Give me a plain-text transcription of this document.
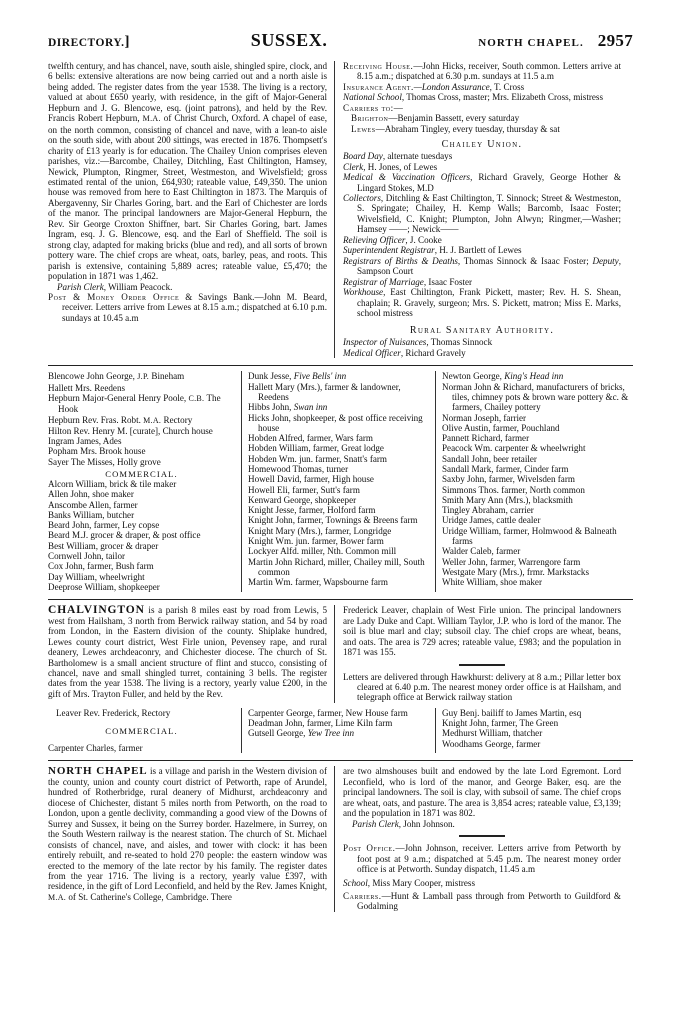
DIRECTORY.]	SUSSEX.	NORTH CHAPEL. 2957

twelfth century, and has chancel, nave, south aisle, shingled spire, clock, and 6 bells: extensive alterations are now being carried out and a north aisle is being added. The register dates from the year 1538. The living is a rectory, valued at about £650 yearly, with residence, in the gift of Major-General Hepburn and J. G. Blencowe, esq. (joint patrons), and held by the Rev. Francis Robert Hepburn, M.A. of Christ Church, Oxford. A chapel of ease, on the north common, consisting of chancel and nave, with a lean-to aisle on the south side, with about 200 sittings, was erected in 1876. Thompsett's charity of £13 yearly is for education. The Chailey Union comprises eleven parishes, viz.:—Barcombe, Chailey, Ditchling, East Chiltington, Hamsey, Newick, Plumpton, Ringmer, Street, Westmeston, and Wivelsfield; gross estimated rental of the union, £64,930; rateable value, £49,350. The union house was removed from here to East Chiltington in 1873. The Marquis of Abergavenny, Sir Charles Goring, bart. and the Earl of Chichester are lords of the manor. The principal landowners are Major-General Hepburn, the Rev. Sir George Croxton Shiffner, bart. Sir Charles Goring, bart. James Ingram, esq. J. G. Blencowe, esq. and the Earl of Sheffield. The soil is strong clay, adapted for making bricks (blue and red), and all sorts of brown pottery ware. The chief crops are wheat, oats, barley, peas, and roots. This parish is extensive, containing 5,889 acres; rateable value, £5,470; the population in 1871 was 1,462.

Parish Clerk, William Peacock.

Post & Money Order Office & Savings Bank.—John M. Beard, receiver. Letters arrive from Lewes at 8.15 a.m.; dispatched at 6.10 p.m. sundays at 10.45 a.m

Receiving House.—John Hicks, receiver, South common. Letters arrive at 8.15 a.m.; dispatched at 6.30 p.m. sundays at 11.5 a.m

Insurance Agent.—London Assurance, T. Cross

National School, Thomas Cross, master; Mrs. Elizabeth Cross, mistress

Carriers to:—

Brighton—Benjamin Bassett, every saturday

Lewes—Abraham Tingley, every tuesday, thursday & sat

Chailey Union.

Board Day, alternate tuesdays

Clerk, H. Jones, of Lewes

Medical & Vaccination Officers, Richard Gravely, George Hother & Lingard Stokes, M.D

Collectors, Ditchling & East Chiltington, T. Sinnock; Street & Westmeston, S. Springate; Chailey, H. Kemp Walls; Barcomb, Isaac Foster; Wivelsfield, C. Knight; Plumpton, John Alwyn; Ringmer,—Washer; Hamsey ——; Newick——

Relieving Officer, J. Cooke

Superintendent Registrar, H. J. Bartlett of Lewes

Registrars of Births & Deaths, Thomas Sinnock & Isaac Foster; Deputy, Sampson Court

Registrar of Marriage, Isaac Foster

Workhouse, East Chiltington, Frank Pickett, master; Rev. H. S. Shean, chaplain; R. Gravely, surgeon; Mrs. S. Pickett, matron; Miss E. Marks, school mistress

Rural Sanitary Authority.

Inspector of Nuisances, Thomas Sinnock

Medical Officer, Richard Gravely

Blencowe John George, J.P. Bineham

Hallett Mrs. Reedens

Hepburn Major-General Henry Poole, C.B. The Hook

Hepburn Rev. Fras. Robt. M.A. Rectory

Hilton Rev. Henry M. [curate], Church house

Ingram James, Ades

Popham Mrs. Brook house

Sayer The Misses, Holly grove

COMMERCIAL.

Alcorn William, brick & tile maker

Allen John, shoe maker

Anscombe Allen, farmer

Banks William, butcher

Beard John, farmer, Ley copse

Beard M.J. grocer & draper, & post office

Best William, grocer & draper

Cornwell John, tailor

Cox John, farmer, Bush farm

Day William, wheelwright

Deeprose William, shopkeeper

Dunk Jesse, Five Bells' inn

Hallett Mary (Mrs.), farmer & landowner, Reedens

Hibbs John, Swan inn

Hicks John, shopkeeper, & post office receiving house

Hobden Alfred, farmer, Wars farm

Hobden William, farmer, Great lodge

Hobden Wm. jun. farmer, Snatt's farm

Homewood Thomas, turner

Howell David, farmer, High house

Howell Eli, farmer, Sutt's farm

Kenward George, shopkeeper

Knight Jesse, farmer, Holford farm

Knight John, farmer, Townings & Breens farm

Knight Mary (Mrs.), farmer, Longridge

Knight Wm. jun. farmer, Bower farm

Lockyer Alfd. miller, Nth. Common mill

Martin John Richard, miller, Chailey mill, South common

Martin Wm. farmer, Wapsbourne farm

Newton George, King's Head inn

Norman John & Richard, manufacturers of bricks, tiles, chimney pots & brown ware pottery &c. & farmers, Chailey pottery

Norman Joseph, farrier

Olive Austin, farmer, Pouchland

Pannett Richard, farmer

Peacock Wm. carpenter & wheelwright

Sandall John, beer retailer

Sandall Mark, farmer, Cinder farm

Saxby John, farmer, Wivelsden farm

Simmons Thos. farmer, North common

Smith Mary Ann (Mrs.), blacksmith

Tingley Abraham, carrier

Uridge James, cattle dealer

Uridge William, farmer, Holmwood & Balneath farms

Walder Caleb, farmer

Weller John, farmer, Warrengore farm

Westgate Mary (Mrs.), frmr. Markstacks

White William, shoe maker

CHALVINGTON is a parish 8 miles east by road from Lewis, 5 west from Hailsham, 3 north from Berwick railway station, and 54 by road from London, in the Eastern division of the county. Shiplake hundred, Lewes county court district, West Firle union, Pevensey rape, and rural deanery, Lewes archdeaconry, and Chichester diocese. The church of St. Bartholomew is a small ancient structure of flint and stucco, consisting of chancel, nave and small shingled turret, containing 3 bells. The register dates from the year 1538. The living is a rectory, yearly value £200, in the gift of Mrs. Trayton Fuller, and held by the Rev.

Frederick Leaver, chaplain of West Firle union. The principal landowners are Lady Duke and Capt. William Taylor, J.P. who is lord of the manor. The soil is blue marl and clay; subsoil clay. The chief crops are wheat, beans, and oats. The area is 729 acres; rateable value, £983; and the population in 1871 was 155.

Letters are delivered through Hawkhurst: delivery at 8 a.m.; Pillar letter box cleared at 6.40 p.m. The nearest money order office is at Hailsham, and telegraph office at Berwick railway station

Leaver Rev. Frederick, Rectory

COMMERCIAL.

Carpenter Charles, farmer

Carpenter George, farmer, New House farm

Deadman John, farmer, Lime Kiln farm

Gutsell George, Yew Tree inn

Guy Benj. bailiff to James Martin, esq

Knight John, farmer, The Green

Medhurst William, thatcher

Woodhams George, farmer

NORTH CHAPEL is a village and parish in the Western division of the county, union and county court district of Petworth, rape of Arundel, hundred of Rotherbridge, rural deanery of Midhurst, archdeaconry and diocese of Chichester, distant 5 miles north from Petworth, on the road to London, upon a gentle declivity, commanding a good view of the Downs of Surrey and Sussex, it being on the Surrey border. Hazelmere, in Surrey, on the South Western railway is the nearest station. The church of St. Michael consists of chancel, nave, and aisles, and tower with clock: it has been entirely rebuilt, and re-seated to hold 270 people: the eastern window was erected to the memory of the late rector by his family. The register dates from the year 1716. The living is a rectory, yearly value £397, with residence, in the gift of Lord Leconfield, and held by the Rev. James Knight, M.A. of St. Catherine's College, Cambridge. There

are two almshouses built and endowed by the late Lord Egremont. Lord Leconfield, who is lord of the manor, and George Baker, esq. are the principal landowners. The soil is clay, with subsoil of same. The chief crops are wheat, oats, and pasture. The area is 3,854 acres; rateable value, £3,139; and the population in 1871 was 802.

Parish Clerk, John Johnson.

Post Office.—John Johnson, receiver. Letters arrive from Petworth by foot post at 9 a.m.; dispatched at 5.45 p.m. The nearest money order office is at Petworth. Sunday dispatch, 11.45 a.m

School, Miss Mary Cooper, mistress

Carriers.—Hunt & Lamball pass through from Petworth to Guildford & Godalming
